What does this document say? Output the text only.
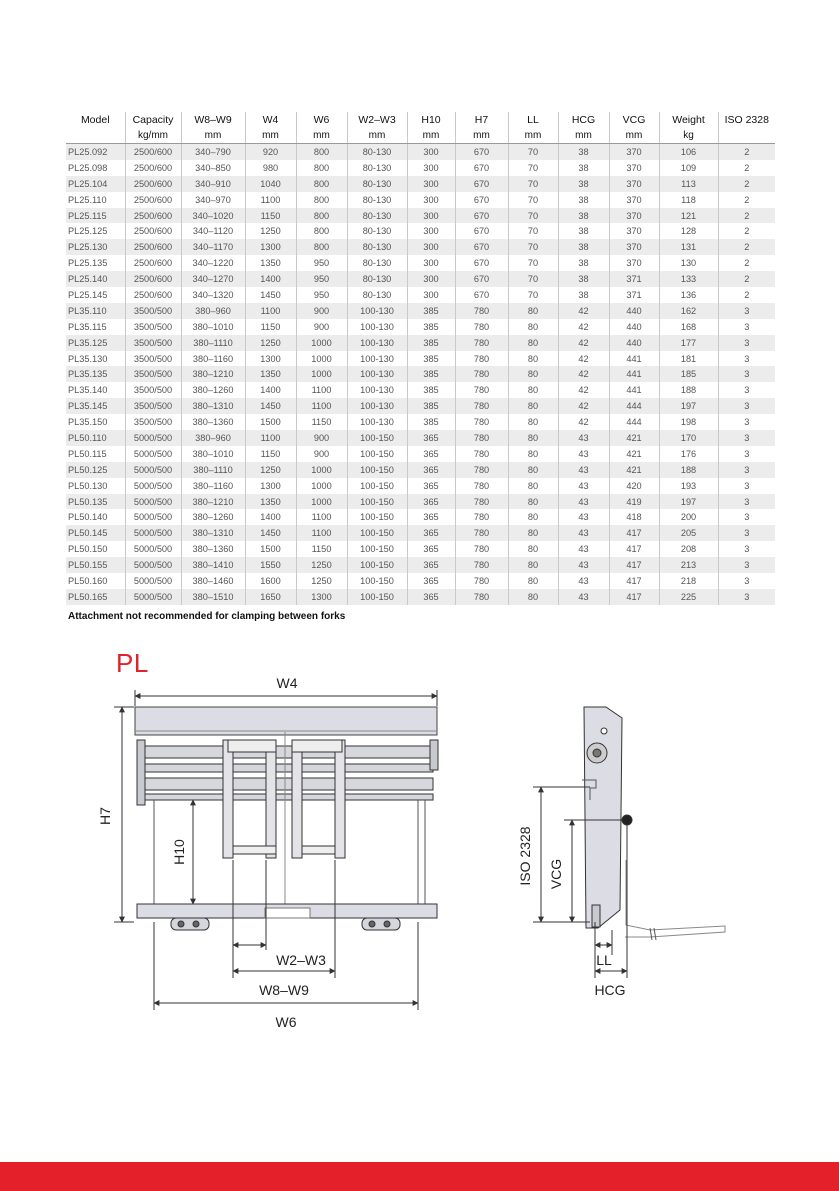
Model	Capacity	W8–W9	W4	W6	W2–W3	H10	H7	LL	HCG	VCG	Weight	ISO 2328
	kg/mm	mm	mm	mm	mm	mm	mm	mm	mm	mm	kg	
PL25.092	2500/600	340–790	920	800	80-130	300	670	70	38	370	106	2
PL25.098	2500/600	340–850	980	800	80-130	300	670	70	38	370	109	2
PL25.104	2500/600	340–910	1040	800	80-130	300	670	70	38	370	113	2
PL25.110	2500/600	340–970	1100	800	80-130	300	670	70	38	370	118	2
PL25.115	2500/600	340–1020	1150	800	80-130	300	670	70	38	370	121	2
PL25.125	2500/600	340–1120	1250	800	80-130	300	670	70	38	370	128	2
PL25.130	2500/600	340–1170	1300	800	80-130	300	670	70	38	370	131	2
PL25.135	2500/600	340–1220	1350	950	80-130	300	670	70	38	370	130	2
PL25.140	2500/600	340–1270	1400	950	80-130	300	670	70	38	371	133	2
PL25.145	2500/600	340–1320	1450	950	80-130	300	670	70	38	371	136	2
PL35.110	3500/500	380–960	1100	900	100-130	385	780	80	42	440	162	3
PL35.115	3500/500	380–1010	1150	900	100-130	385	780	80	42	440	168	3
PL35.125	3500/500	380–1110	1250	1000	100-130	385	780	80	42	440	177	3
PL35.130	3500/500	380–1160	1300	1000	100-130	385	780	80	42	441	181	3
PL35.135	3500/500	380–1210	1350	1000	100-130	385	780	80	42	441	185	3
PL35.140	3500/500	380–1260	1400	1100	100-130	385	780	80	42	441	188	3
PL35.145	3500/500	380–1310	1450	1100	100-130	385	780	80	42	444	197	3
PL35.150	3500/500	380–1360	1500	1150	100-130	385	780	80	42	444	198	3
PL50.110	5000/500	380–960	1100	900	100-150	365	780	80	43	421	170	3
PL50.115	5000/500	380–1010	1150	900	100-150	365	780	80	43	421	176	3
PL50.125	5000/500	380–1110	1250	1000	100-150	365	780	80	43	421	188	3
PL50.130	5000/500	380–1160	1300	1000	100-150	365	780	80	43	420	193	3
PL50.135	5000/500	380–1210	1350	1000	100-150	365	780	80	43	419	197	3
PL50.140	5000/500	380–1260	1400	1100	100-150	365	780	80	43	418	200	3
PL50.145	5000/500	380–1310	1450	1100	100-150	365	780	80	43	417	205	3
PL50.150	5000/500	380–1360	1500	1150	100-150	365	780	80	43	417	208	3
PL50.155	5000/500	380–1410	1550	1250	100-150	365	780	80	43	417	213	3
PL50.160	5000/500	380–1460	1600	1250	100-150	365	780	80	43	417	218	3
PL50.165	5000/500	380–1510	1650	1300	100-150	365	780	80	43	417	225	3
Attachment not recommended for clamping between forks
PL
W4
H7
H10
W2–W3
W8–W9
W6
ISO 2328 VCG
LL
HCG
